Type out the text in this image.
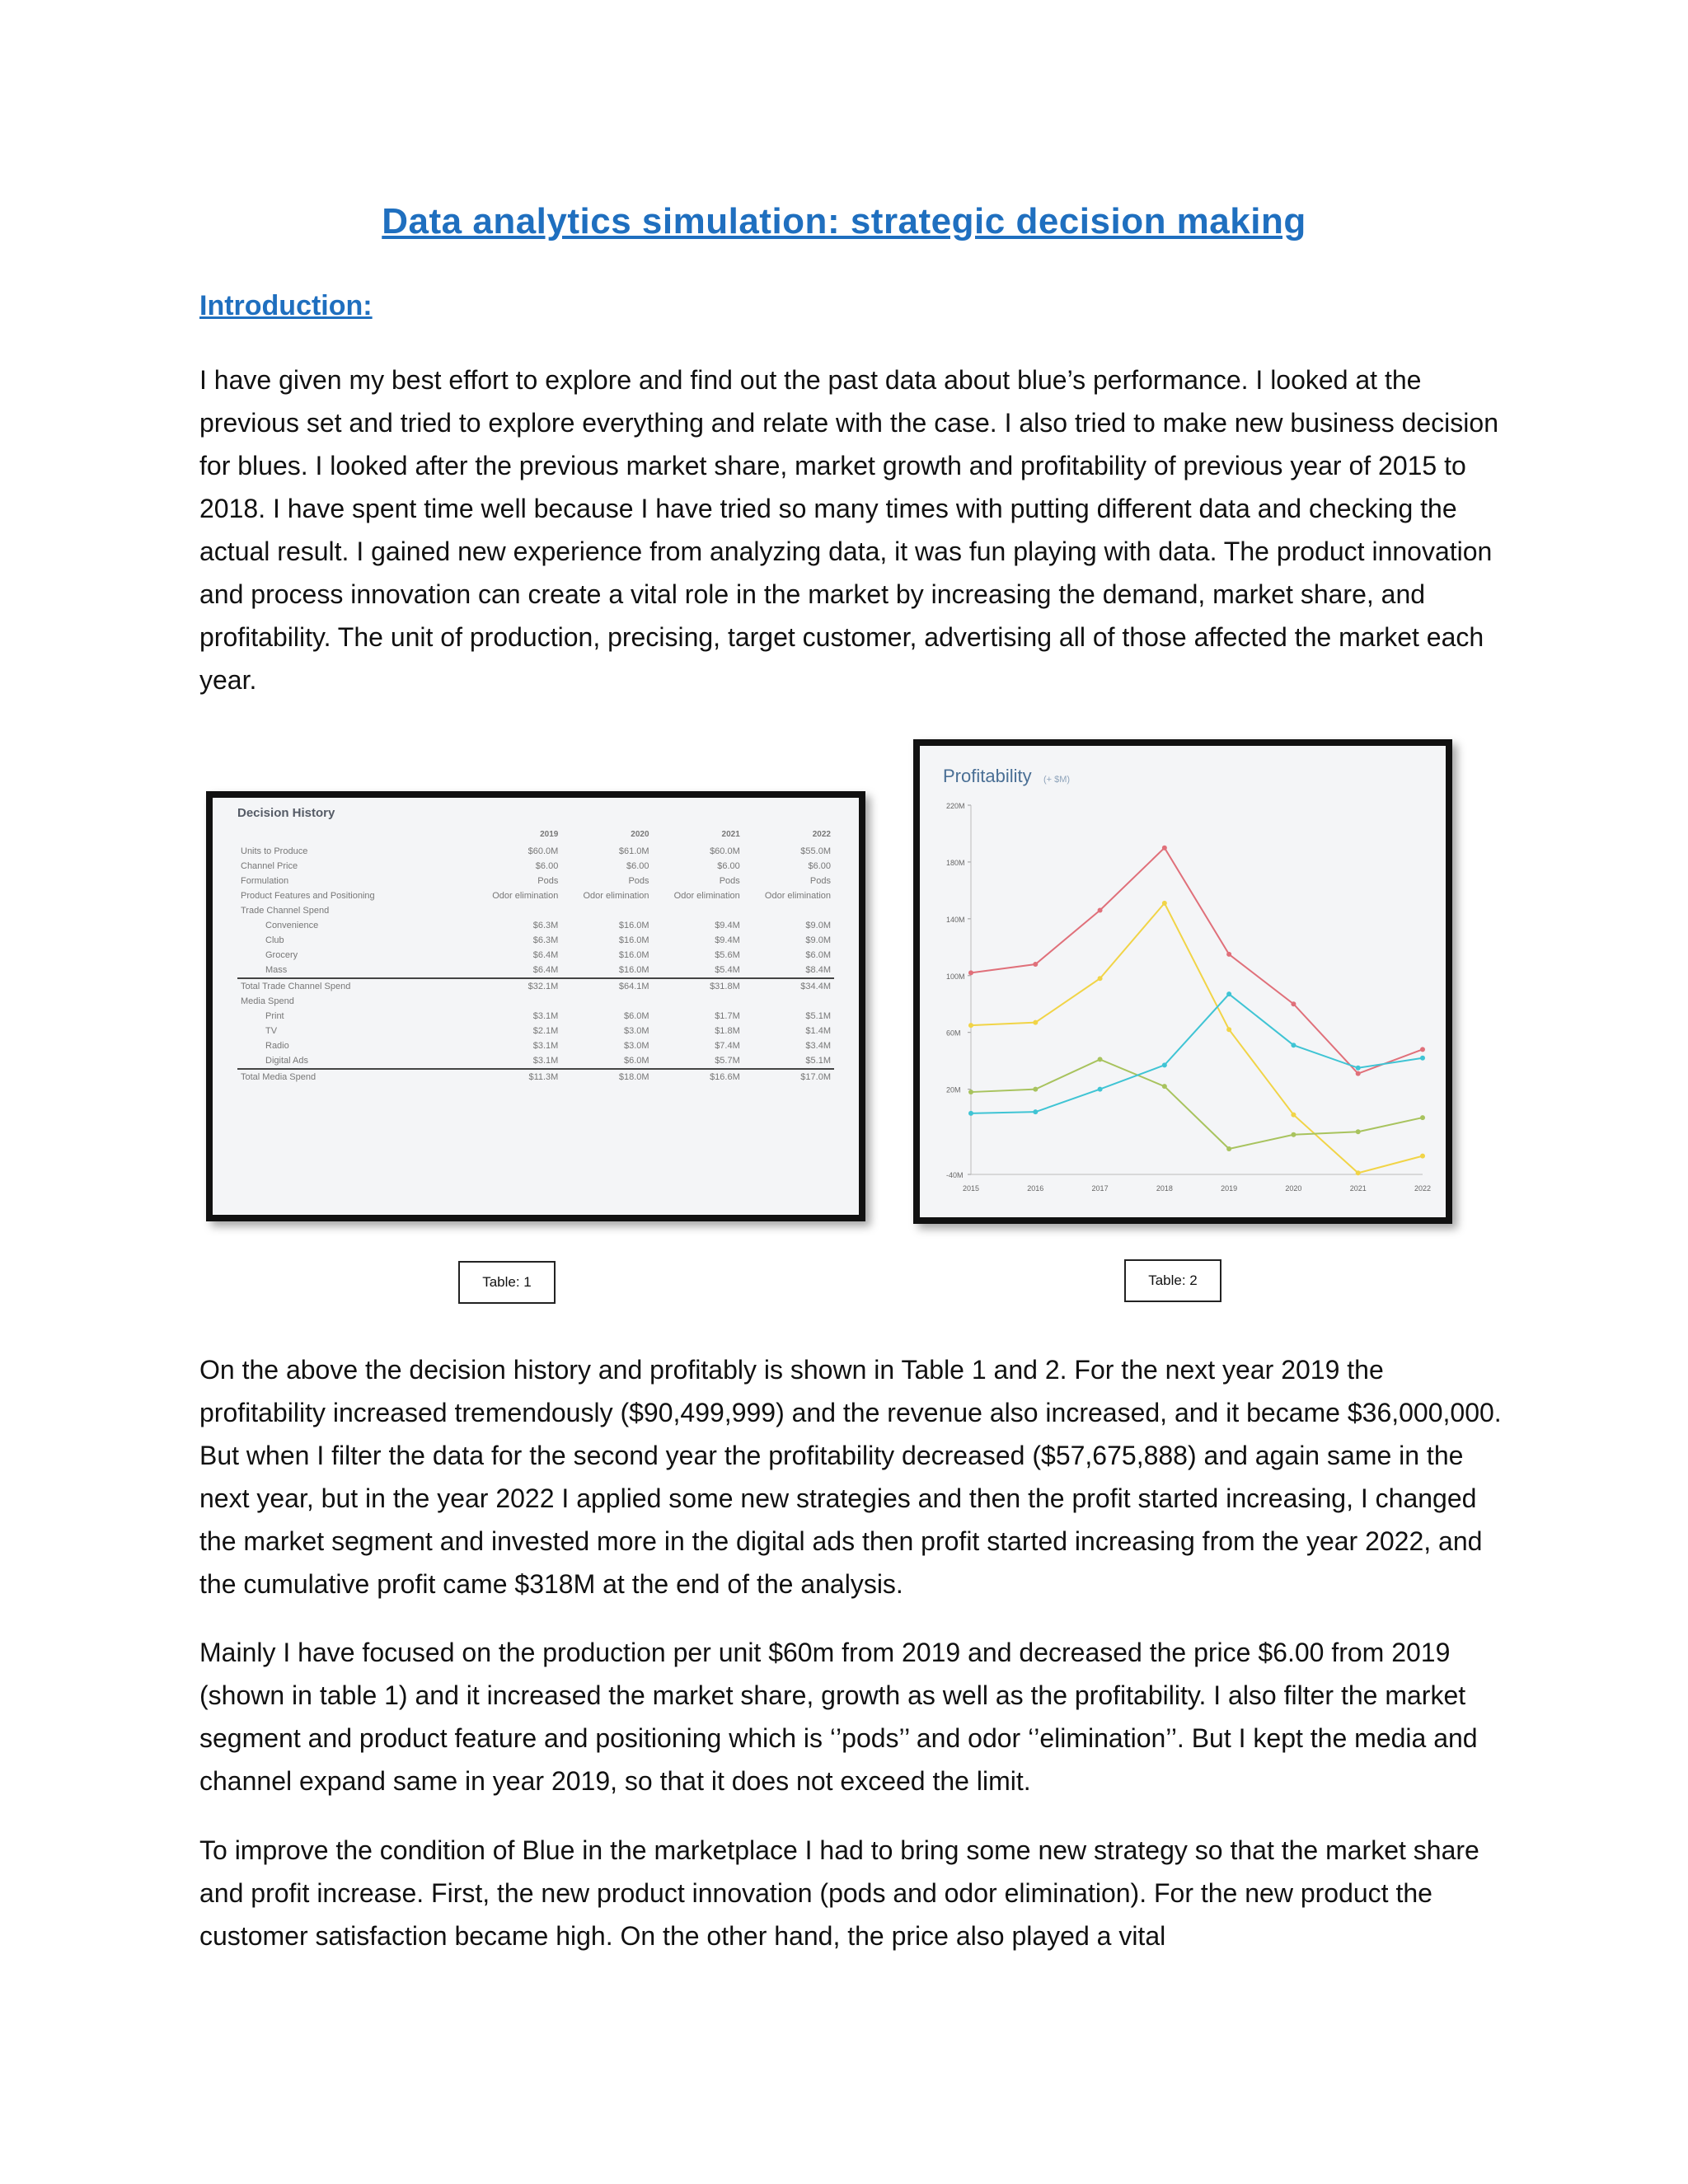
Data analytics simulation: strategic decision making
Introduction:

I have given my best effort to explore and find out the past data about blue’s performance. I looked at the previous set and tried to explore everything and relate with the case. I also tried to make new business decision for blues. I looked after the previous market share, market growth and profitability of previous year of 2015 to 2018. I have spent time well because I have tried so many times with putting different data and checking the actual result. I gained new experience from analyzing data, it was fun playing with data. The product innovation and process innovation can create a vital role in the market by increasing the demand, market share, and profitability. The unit of production, precising, target customer, advertising all of those affected the market each year.

Decision History
	2019	2020	2021	2022
Units to Produce	$60.0M	$61.0M	$60.0M	$55.0M
Channel Price	$6.00	$6.00	$6.00	$6.00
Formulation	Pods	Pods	Pods	Pods
Product Features and Positioning	Odor elimination	Odor elimination	Odor elimination	Odor elimination
Trade Channel Spend				
Convenience	$6.3M	$16.0M	$9.4M	$9.0M
Club	$6.3M	$16.0M	$9.4M	$9.0M
Grocery	$6.4M	$16.0M	$5.6M	$6.0M
Mass	$6.4M	$16.0M	$5.4M	$8.4M
Total Trade Channel Spend	$32.1M	$64.1M	$31.8M	$34.4M
Media Spend				
Print	$3.1M	$6.0M	$1.7M	$5.1M
TV	$2.1M	$3.0M	$1.8M	$1.4M
Radio	$3.1M	$3.0M	$7.4M	$3.4M
Digital Ads	$3.1M	$6.0M	$5.7M	$5.1M
Total Media Spend	$11.3M	$18.0M	$16.6M	$17.0M
Profitability (+ $M)
-40M
20M
60M
100M
140M
180M
220M
2015	2016	2017	2018	2019	2020	2021	2022
Table: 1	Table: 2

On the above the decision history and profitably is shown in Table 1 and 2. For the next year 2019 the profitability increased tremendously ($90,499,999) and the revenue also increased, and it became $36,000,000. But when I filter the data for the second year the profitability decreased ($57,675,888) and again same in the next year, but in the year 2022 I applied some new strategies and then the profit started increasing, I changed the market segment and invested more in the digital ads then profit started increasing from the year 2022, and the cumulative profit came $318M at the end of the analysis.

Mainly I have focused on the production per unit $60m from 2019 and decreased the price $6.00 from 2019 (shown in table 1) and it increased the market share, growth as well as the profitability. I also filter the market segment and product feature and positioning which is ‘’pods’’ and odor ‘’elimination’’. But I kept the media and channel expand same in year 2019, so that it does not exceed the limit.

To improve the condition of Blue in the marketplace I had to bring some new strategy so that the market share and profit increase. First, the new product innovation (pods and odor elimination). For the new product the customer satisfaction became high. On the other hand, the price also played a vital
